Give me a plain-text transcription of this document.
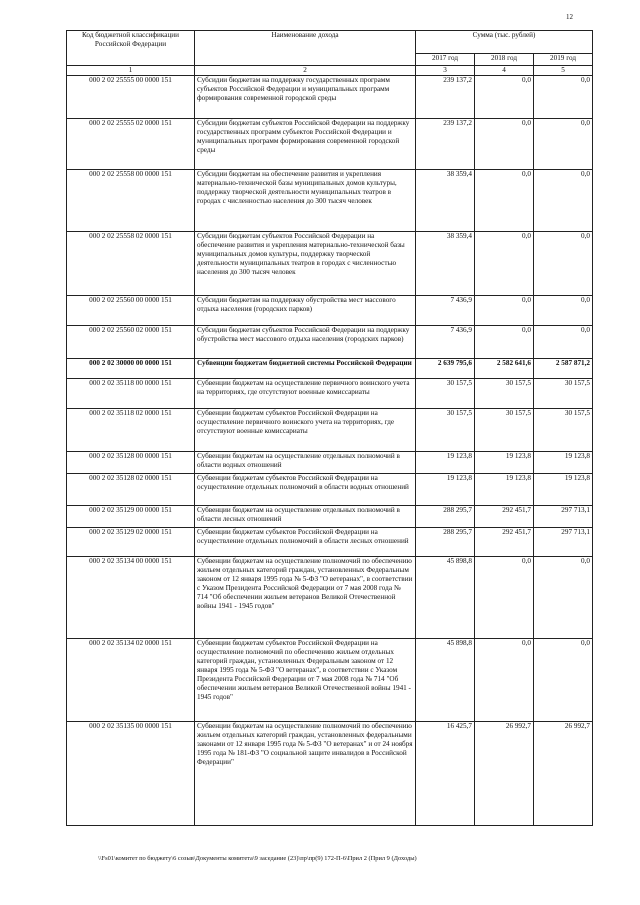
12
Код бюджетной классификации Российской Федерации	Наименование дохода	Сумма (тыс. рублей)		
		2017 год	2018 год	2019 год
1	2	3	4	5
000 2 02 25555 00 0000 151	Субсидии бюджетам на поддержку государственных программ субъектов Российской Федерации и муниципальных программ формирования современной городской среды	239 137,2	0,0	0,0
000 2 02 25555 02 0000 151	Субсидии бюджетам субъектов Российской Федерации на поддержку государственных программ субъектов Российской Федерации и муниципальных программ формирования современной городской среды	239 137,2	0,0	0,0
000 2 02 25558 00 0000 151	Субсидии бюджетам на обеспечение развития и укрепления материально-технической базы муниципальных домов культуры, поддержку творческой деятельности муниципальных театров в городах с численностью населения до 300 тысяч человек	38 359,4	0,0	0,0
000 2 02 25558 02 0000 151	Субсидии бюджетам субъектов Российской Федерации на обеспечение развития и укрепления материально-технической базы муниципальных домов культуры, поддержку творческой деятельности муниципальных театров в городах с численностью населения до 300 тысяч человек	38 359,4	0,0	0,0
000 2 02 25560 00 0000 151	Субсидии бюджетам на поддержку обустройства мест массового отдыха населения (городских парков)	7 436,9	0,0	0,0
000 2 02 25560 02 0000 151	Субсидии бюджетам субъектов Российской Федерации на поддержку обустройства мест массового отдыха населения (городских парков)	7 436,9	0,0	0,0
000 2 02 30000 00 0000 151	Субвенции бюджетам бюджетной системы Российской Федерации	2 639 795,6	2 582 641,6	2 587 871,2
000 2 02 35118 00 0000 151	Субвенции бюджетам на осуществление первичного воинского учета на территориях, где отсутствуют военные комиссариаты	30 157,5	30 157,5	30 157,5
000 2 02 35118 02 0000 151	Субвенции бюджетам субъектов Российской Федерации на осуществление первичного воинского учета на территориях, где отсутствуют военные комиссариаты	30 157,5	30 157,5	30 157,5
000 2 02 35128 00 0000 151	Субвенции бюджетам на осуществление отдельных полномочий в области водных отношений	19 123,8	19 123,8	19 123,8
000 2 02 35128 02 0000 151	Субвенции бюджетам субъектов Российской Федерации на осуществление отдельных полномочий в области водных отношений	19 123,8	19 123,8	19 123,8
000 2 02 35129 00 0000 151	Субвенции бюджетам на осуществление отдельных полномочий в области лесных отношений	288 295,7	292 451,7	297 713,1
000 2 02 35129 02 0000 151	Субвенции бюджетам субъектов Российской Федерации на осуществление отдельных полномочий в области лесных отношений	288 295,7	292 451,7	297 713,1
000 2 02 35134 00 0000 151	Субвенции бюджетам на осуществление полномочий по обеспечению жильем отдельных категорий граждан, установленных Федеральным законом от 12 января 1995 года № 5-ФЗ "О ветеранах", в соответствии с Указом Президента Российской Федерации от 7 мая 2008 года № 714 "Об обеспечении жильем ветеранов Великой Отечественной войны 1941 - 1945 годов"	45 898,8	0,0	0,0
000 2 02 35134 02 0000 151	Субвенции бюджетам субъектов Российской Федерации на осуществление полномочий по обеспечению жильем отдельных категорий граждан, установленных Федеральным законом от 12 января 1995 года № 5-ФЗ "О ветеранах", в соответствии с Указом Президента Российской Федерации от 7 мая 2008 года № 714 "Об обеспечении жильем ветеранов Великой Отечественной войны 1941 - 1945 годов"	45 898,8	0,0	0,0
000 2 02 35135 00 0000 151	Субвенции бюджетам на осуществление полномочий по обеспечению жильем отдельных категорий граждан, установленных федеральными законами от 12 января 1995 года № 5-ФЗ "О ветеранах" и от 24 ноября 1995 года № 181-ФЗ "О социальной защите инвалидов в Российской Федерации"	16 425,7	26 992,7	26 992,7
\\Fs01\комитет по бюджету\6 созыв\Документы комитета\9 заседание (23)\пр\пр(9) 172-П-6\Прил 2 (Прил 9 (Доходы)
